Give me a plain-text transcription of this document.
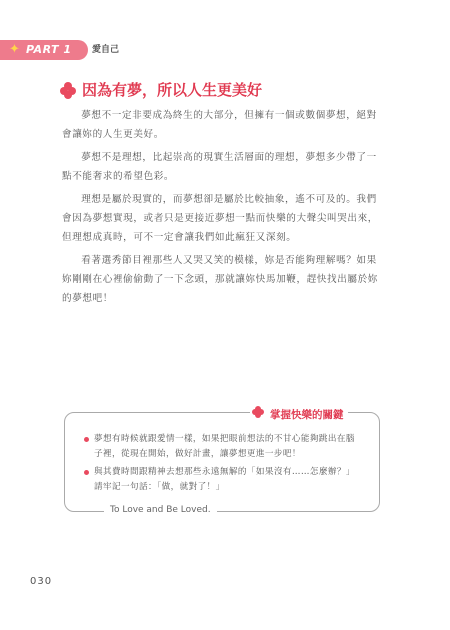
✦ PART 1	愛自己
因為有夢，所以人生更美好

夢想不一定非要成為終生的大部分，但擁有一個或數個夢想，絕對會讓妳的人生更美好。

夢想不是理想，比起崇高的現實生活層面的理想，夢想多少帶了一點不能奢求的希望色彩。

理想是屬於現實的，而夢想卻是屬於比較抽象，遙不可及的。我們會因為夢想實現，或者只是更接近夢想一點而快樂的大聲尖叫哭出來，但理想成真時，可不一定會讓我們如此瘋狂又深刻。

看著選秀節目裡那些人又哭又笑的模樣，妳是否能夠理解嗎？如果妳剛剛在心裡偷偷動了一下念頭，那就讓妳快馬加鞭，趕快找出屬於妳的夢想吧！

掌握快樂的關鍵
夢想有時候就跟愛情一樣，如果把眼前想法的不甘心能夠跳出在腦子裡，從現在開始，做好計畫，讓夢想更進一步吧！
與其費時間跟精神去想那些永遠無解的「如果沒有……怎麼辦？」請牢記一句話：「做，就對了！」
To Love and Be Loved.
030
